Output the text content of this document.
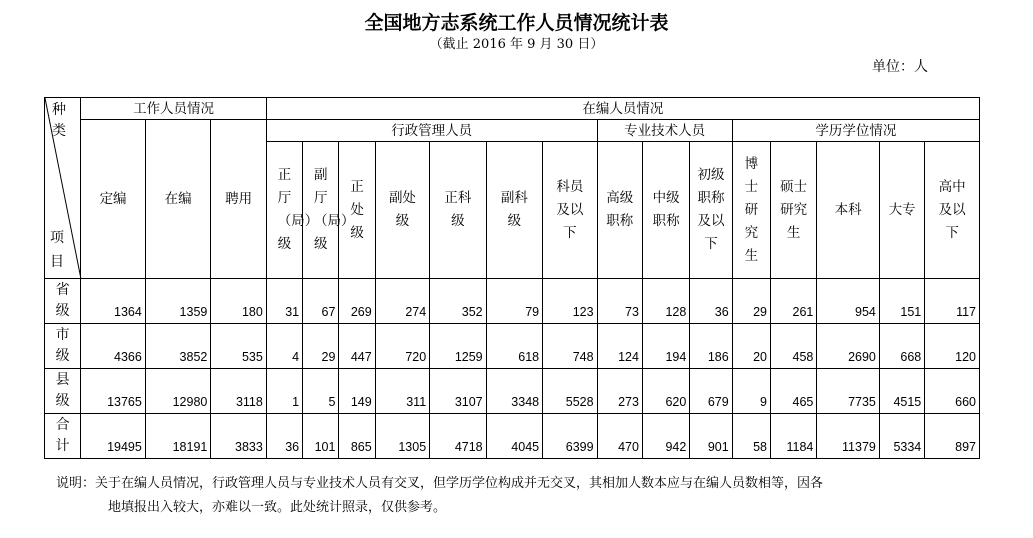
全国地方志系统工作人员情况统计表
（截止 2016 年 9 月 30 日）
单位：人
种类
项目	工作人员情况			在编人员情况														
	定编	在编	聘用	行政管理人员							专业技术人员			学历学位情况				

				正厅（局）级	副厅（局）级	正处级	副处级	正科级	副科级	科员及以下	高级职称	中级职称	初级职称及以下	博士研究生	硕士研究生	本科	大专	高中及以下

省级	1364	1359	180	31	67	269	274	352	79	123	73	128	36	29	261	954	151	117

市级	4366	3852	535	4	29	447	720	1259	618	748	124	194	186	20	458	2690	668	120

县级	13765	12980	3118	1	5	149	311	3107	3348	5528	273	620	679	9	465	7735	4515	660

合计	19495	18191	3833	36	101	865	1305	4718	4045	6399	470	942	901	58	1184	11379	5334	897
说明：关于在编人员情况，行政管理人员与专业技术人员有交叉，但学历学位构成并无交叉，其相加人数本应与在编人员数相等，因各
地填报出入较大，亦难以一致。此处统计照录，仅供参考。
